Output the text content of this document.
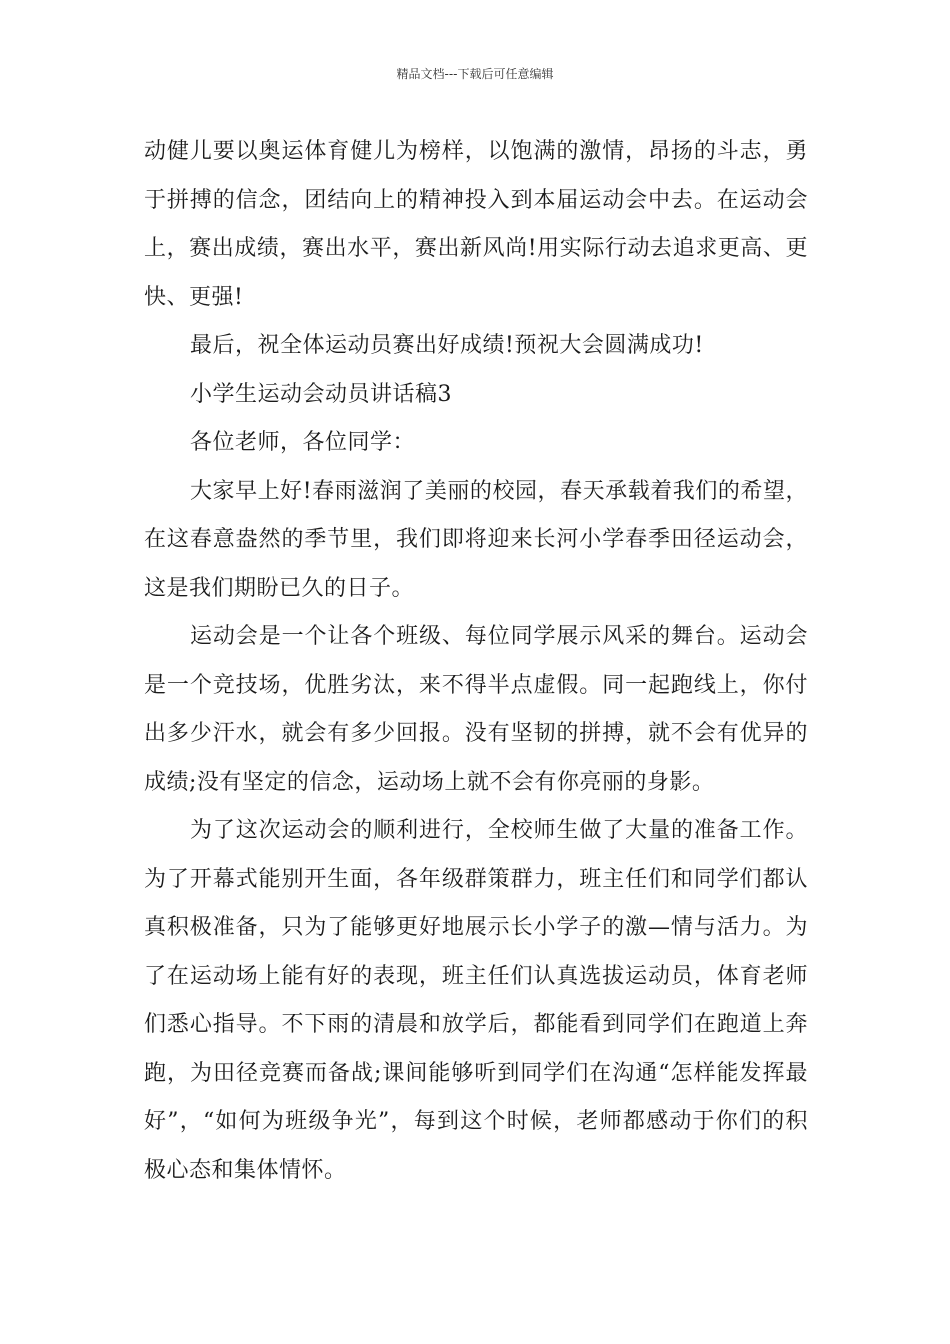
精品文档---下载后可任意编辑

动健儿要以奥运体育健儿为榜样，以饱满的激情，昂扬的斗志，勇于拼搏的信念，团结向上的精神投入到本届运动会中去。在运动会上，赛出成绩，赛出水平，赛出新风尚!用实际行动去追求更高、更快、更强!

最后，祝全体运动员赛出好成绩!预祝大会圆满成功!

小学生运动会动员讲话稿3

各位老师，各位同学：

大家早上好!春雨滋润了美丽的校园，春天承载着我们的希望，在这春意盎然的季节里，我们即将迎来长河小学春季田径运动会，这是我们期盼已久的日子。

运动会是一个让各个班级、每位同学展示风采的舞台。运动会是一个竞技场，优胜劣汰，来不得半点虚假。同一起跑线上，你付出多少汗水，就会有多少回报。没有坚韧的拼搏，就不会有优异的成绩;没有坚定的信念，运动场上就不会有你亮丽的身影。

为了这次运动会的顺利进行，全校师生做了大量的准备工作。为了开幕式能别开生面，各年级群策群力，班主任们和同学们都认真积极准备，只为了能够更好地展示长小学子的激—情与活力。为了在运动场上能有好的表现，班主任们认真选拔运动员，体育老师们悉心指导。不下雨的清晨和放学后，都能看到同学们在跑道上奔跑，为田径竞赛而备战;课间能够听到同学们在沟通“怎样能发挥最好”，“如何为班级争光”，每到这个时候，老师都感动于你们的积极心态和集体情怀。
